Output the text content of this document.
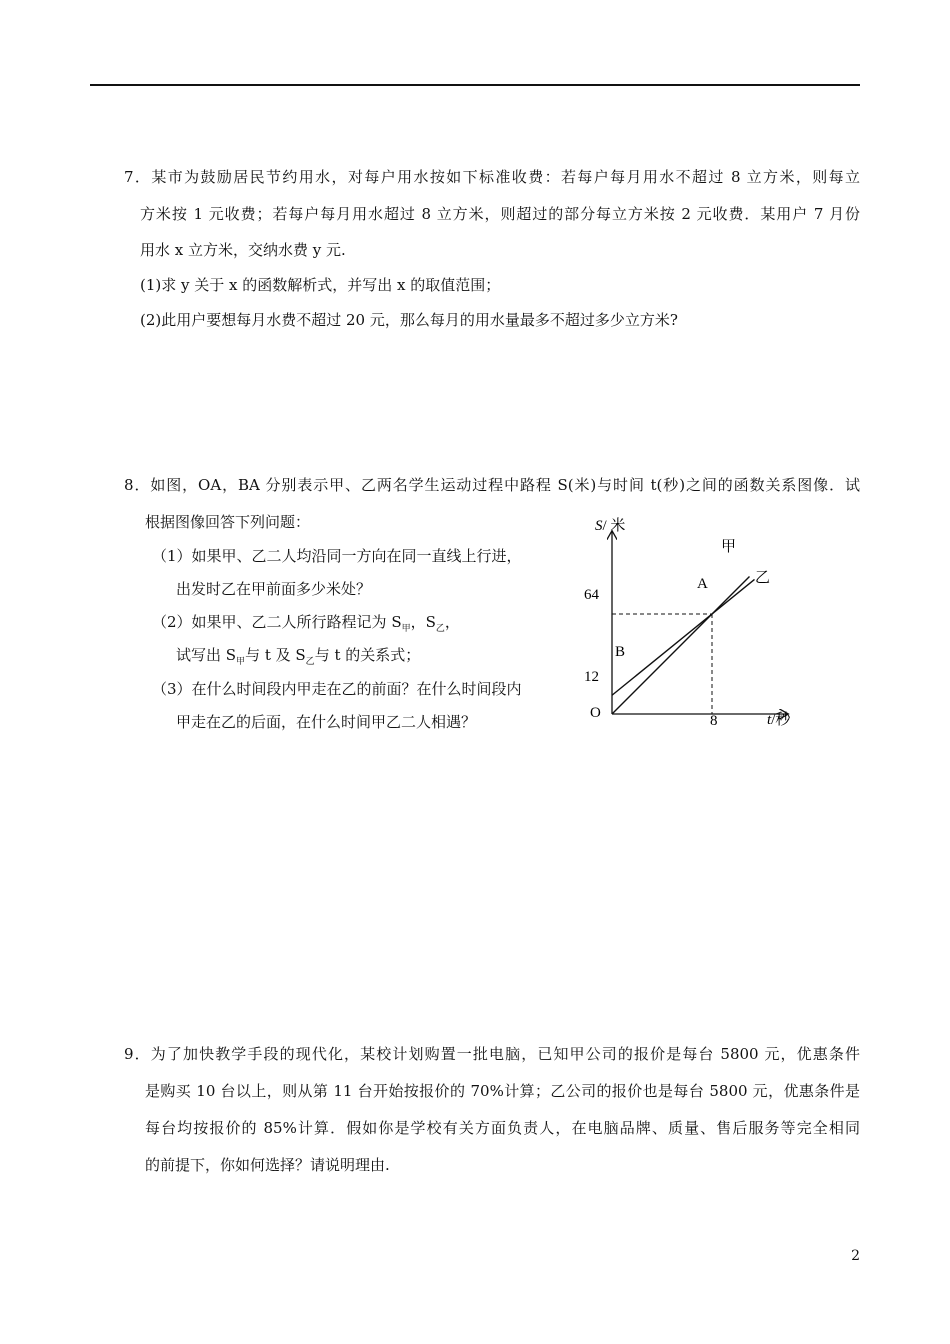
7．某市为鼓励居民节约用水，对每户用水按如下标准收费：若每户每月用水不超过 8 立方米，则每立
方米按 1 元收费；若每户每月用水超过 8 立方米，则超过的部分每立方米按 2 元收费．某用户 7 月份
用水 x 立方米，交纳水费 y 元.
(1)求 y 关于 x 的函数解析式，并写出 x 的取值范围；
(2)此用户要想每月水费不超过 20 元，那么每月的用水量最多不超过多少立方米?
8．如图，OA，BA 分别表示甲、乙两名学生运动过程中路程 S(米)与时间 t(秒)之间的函数关系图像．试
根据图像回答下列问题：
（1）如果甲、乙二人均沿同一方向在同一直线上行进，
出发时乙在甲前面多少米处？
（2）如果甲、乙二人所行路程记为 $S_甲$，$S_乙$，
试写出 $S_甲$与 t 及 $S_乙$与 t 的关系式；
（3）在什么时间段内甲走在乙的前面？在什么时间段内
甲走在乙的后面，在什么时间甲乙二人相遇？
S/ 米
t/秒
O
64
12
8
A
B
甲
乙
9．为了加快教学手段的现代化，某校计划购置一批电脑，已知甲公司的报价是每台 5800 元，优惠条件
是购买 10 台以上，则从第 11 台开始按报价的 70%计算；乙公司的报价也是每台 5800 元，优惠条件是
每台均按报价的 85%计算．假如你是学校有关方面负责人，在电脑品牌、质量、售后服务等完全相同
的前提下，你如何选择？请说明理由.
2
